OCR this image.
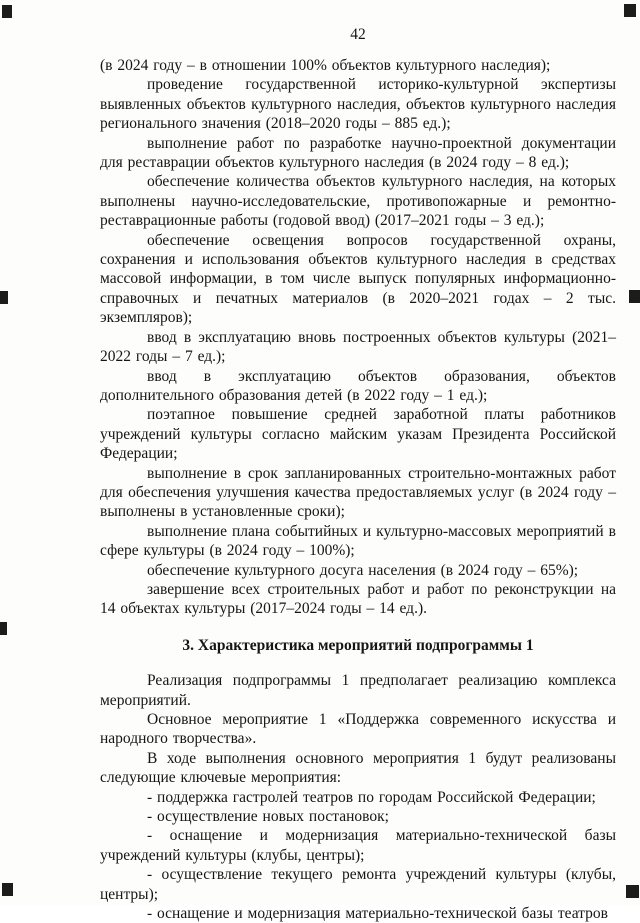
42

(в 2024 году – в отношении 100% объектов культурного наследия);

проведение государственной историко-культурной экспертизы выявленных объектов культурного наследия, объектов культурного наследия регионального значения (2018–2020 годы – 885 ед.);

выполнение работ по разработке научно-проектной документации для реставрации объектов культурного наследия (в 2024 году – 8 ед.);

обеспечение количества объектов культурного наследия, на которых выполнены научно-исследовательские, противопожарные и ремонтно-реставрационные работы (годовой ввод) (2017–2021 годы – 3 ед.);

обеспечение освещения вопросов государственной охраны, сохранения и использования объектов культурного наследия в средствах массовой информации, в том числе выпуск популярных информационно-справочных и печатных материалов (в 2020–2021 годах – 2 тыс. экземпляров);

ввод в эксплуатацию вновь построенных объектов культуры (2021–2022 годы – 7 ед.);

ввод в эксплуатацию объектов образования, объектов дополнительного образования детей (в 2022 году – 1 ед.);

поэтапное повышение средней заработной платы работников учреждений культуры согласно майским указам Президента Российской Федерации;

выполнение в срок запланированных строительно-монтажных работ для обеспечения улучшения качества предоставляемых услуг (в 2024 году – выполнены в установленные сроки);

выполнение плана событийных и культурно-массовых мероприятий в сфере культуры (в 2024 году – 100%);

обеспечение культурного досуга населения (в 2024 году – 65%);

завершение всех строительных работ и работ по реконструкции на 14 объектах культуры (2017–2024 годы – 14 ед.).

3. Характеристика мероприятий подпрограммы 1

Реализация подпрограммы 1 предполагает реализацию комплекса мероприятий.

Основное мероприятие 1 «Поддержка современного искусства и народного творчества».

В ходе выполнения основного мероприятия 1 будут реализованы следующие ключевые мероприятия:

- поддержка гастролей театров по городам Российской Федерации;

- осуществление новых постановок;

- оснащение и модернизация материально-технической базы учреждений культуры (клубы, центры);

- осуществление текущего ремонта учреждений культуры (клубы, центры);

- оснащение и модернизация материально-технической базы театров
